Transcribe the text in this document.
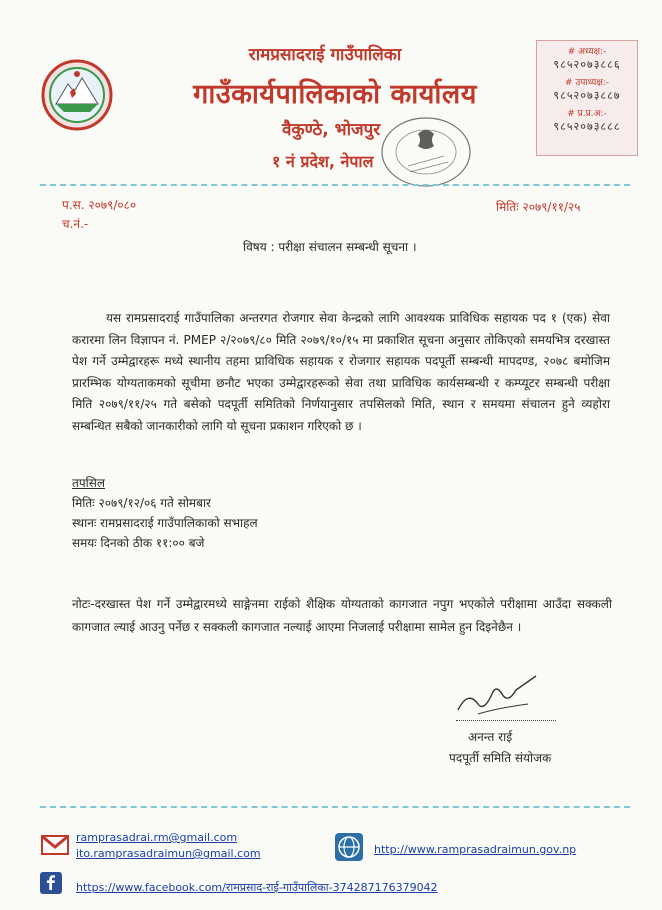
रामप्रसादराई गाउँपालिका
गाउँकार्यपालिकाको कार्यालय
वैकुण्ठे, भोजपुर
१ नं प्रदेश, नेपाल
# अध्यक्ष:-
९८५२०७३८८६
# उपाध्यक्ष:-
९८५२०७३८८७
# प्र.प्र.अ:-
९८५२०७३८८८
प.स. २०७९/०८०
च.नं.-
मितिः २०७९/११/२५
विषय : परीक्षा संचालन सम्बन्धी सूचना ।
यस रामप्रसादराई गाउँपालिका अन्तरगत रोजगार सेवा केन्द्रको लागि आवश्यक प्राविधिक सहायक पद १ (एक) सेवा करारमा लिन विज्ञापन नं. PMEP २/२०७९/८० मिति २०७९/१०/१५ मा प्रकाशित सूचना अनुसार तोकिएको समयभित्र दरखास्त पेश गर्ने उम्मेद्वारहरू मध्ये स्थानीय तहमा प्राविधिक सहायक र रोजगार सहायक पदपूर्ती सम्बन्धी मापदण्ड, २०७८ बमोजिम प्रारम्भिक योग्यताकमको सूचीमा छनौट भएका उम्मेद्वारहरूको सेवा तथा प्राविधिक कार्यसम्बन्धी र कम्प्यूटर सम्बन्धी परीक्षा मिति २०७९/११/२५ गते बसेको पदपूर्ती समितिको निर्णयानुसार तपसिलको मिति, स्थान र समयमा संचालन हुने व्यहोरा सम्बन्धित सबैको जानकारीको लागि यो सूचना प्रकाशन गरिएको छ ।
तपसिल
मितिः २०७९/१२/०६ गते सोमबार
स्थानः रामप्रसादराई गाउँपालिकाको सभाहल
समयः दिनको ठीक ११:०० बजे
नोटः-दरखास्त पेश गर्ने उम्मेद्वारमध्ये साङ्गेनमा राईको शैक्षिक योग्यताको कागजात नपुग भएकोले परीक्षामा आउँदा सक्कली कागजात ल्याई आउनु पर्नेछ र सक्कली कागजात नल्याई आएमा निजलाई परीक्षामा सामेल हुन दिइनेछैन ।
अनन्त राई
पदपूर्ती समिति संयोजक
ramprasadrai.rm@gmail.com
ito.ramprasadraimun@gmail.com	http://www.ramprasadraimun.gov.np
https://www.facebook.com/रामप्रसाद-राई-गाउँपालिका-374287176379042
